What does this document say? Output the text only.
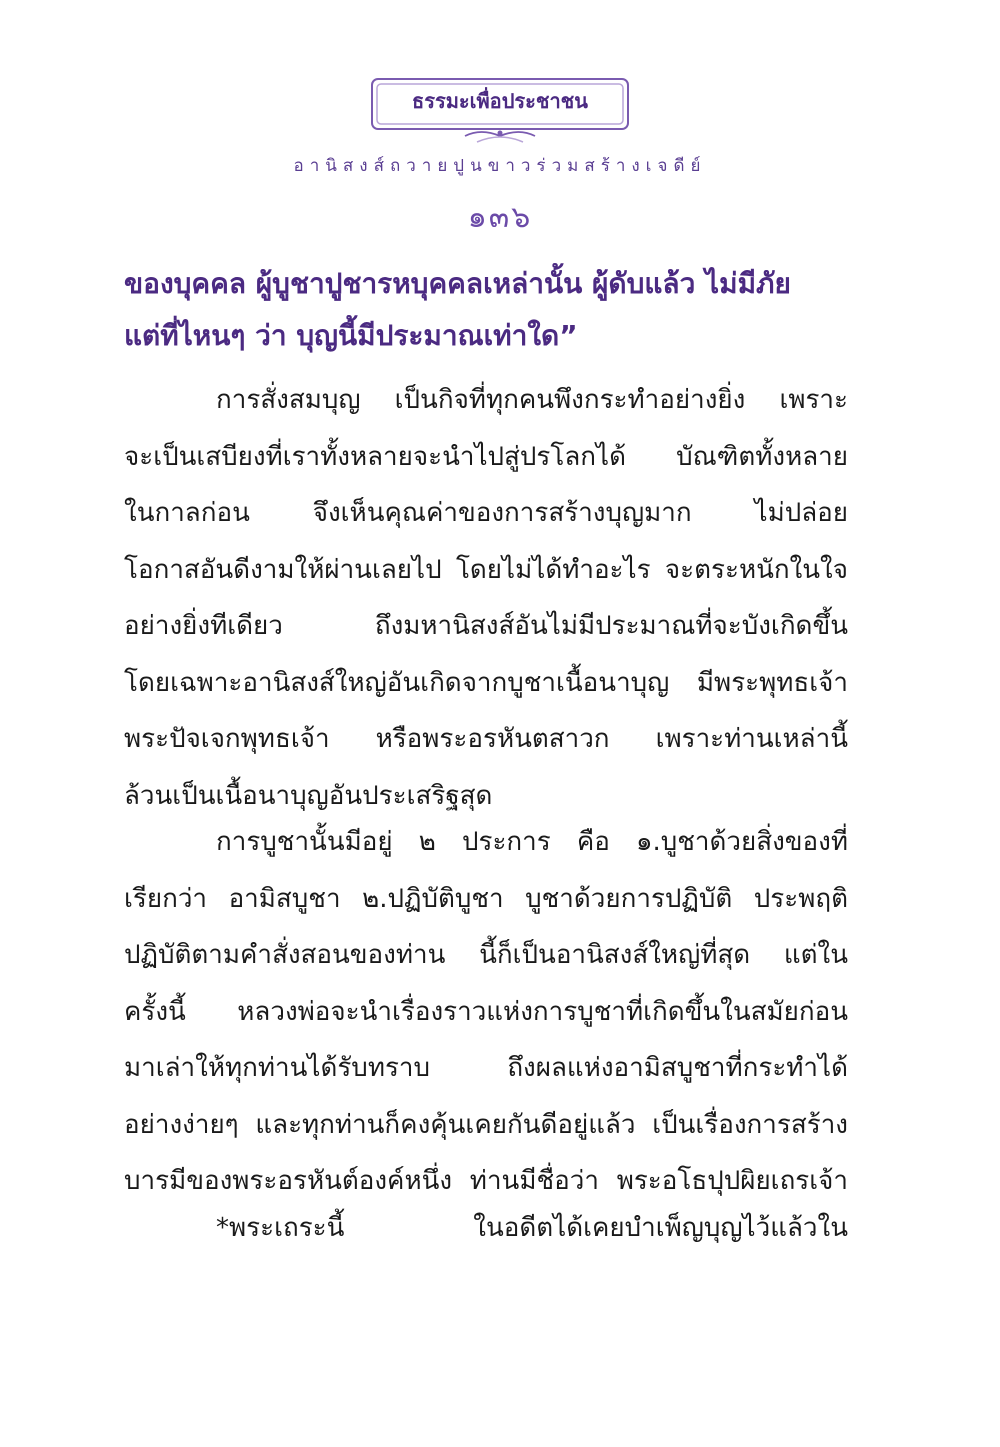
ธรรมะเพื่อประชาชน
อานิสงส์ถวายปูนขาวร่วมสร้างเจดีย์
๑๓๖
ของบุคคล ผู้บูชาปูชารหบุคคลเหล่านั้น ผู้ดับแล้ว ไม่มีภัย
แต่ที่ไหนๆ ว่า บุญนี้มีประมาณเท่าใด”
การสั่งสมบุญ เป็นกิจที่ทุกคนพึงกระทำอย่างยิ่ง เพราะ
จะเป็นเสบียงที่เราทั้งหลายจะนำไปสู่ปรโลกได้ บัณฑิตทั้งหลาย
ในกาลก่อน จึงเห็นคุณค่าของการสร้างบุญมาก ไม่ปล่อย
โอกาสอันดีงามให้ผ่านเลยไป โดยไม่ได้ทำอะไร จะตระหนักในใจ
อย่างยิ่งทีเดียว ถึงมหานิสงส์อันไม่มีประมาณที่จะบังเกิดขึ้น
โดยเฉพาะอานิสงส์ใหญ่อันเกิดจากบูชาเนื้อนาบุญ มีพระพุทธเจ้า
พระปัจเจกพุทธเจ้า หรือพระอรหันตสาวก เพราะท่านเหล่านี้
ล้วนเป็นเนื้อนาบุญอันประเสริฐสุด
การบูชานั้นมีอยู่ ๒ ประการ คือ ๑.บูชาด้วยสิ่งของที่
เรียกว่า อามิสบูชา ๒.ปฏิบัติบูชา บูชาด้วยการปฏิบัติ ประพฤติ
ปฏิบัติตามคำสั่งสอนของท่าน นี้ก็เป็นอานิสงส์ใหญ่ที่สุด แต่ใน
ครั้งนี้ หลวงพ่อจะนำเรื่องราวแห่งการบูชาที่เกิดขึ้นในสมัยก่อน
มาเล่าให้ทุกท่านได้รับทราบ ถึงผลแห่งอามิสบูชาที่กระทำได้
อย่างง่ายๆ และทุกท่านก็คงคุ้นเคยกันดีอยู่แล้ว เป็นเรื่องการสร้าง
บารมีของพระอรหันต์องค์หนึ่ง ท่านมีชื่อว่า พระอโธปุปผิยเถรเจ้า
*พระเถระนี้ ในอดีตได้เคยบำเพ็ญบุญไว้แล้วใน
